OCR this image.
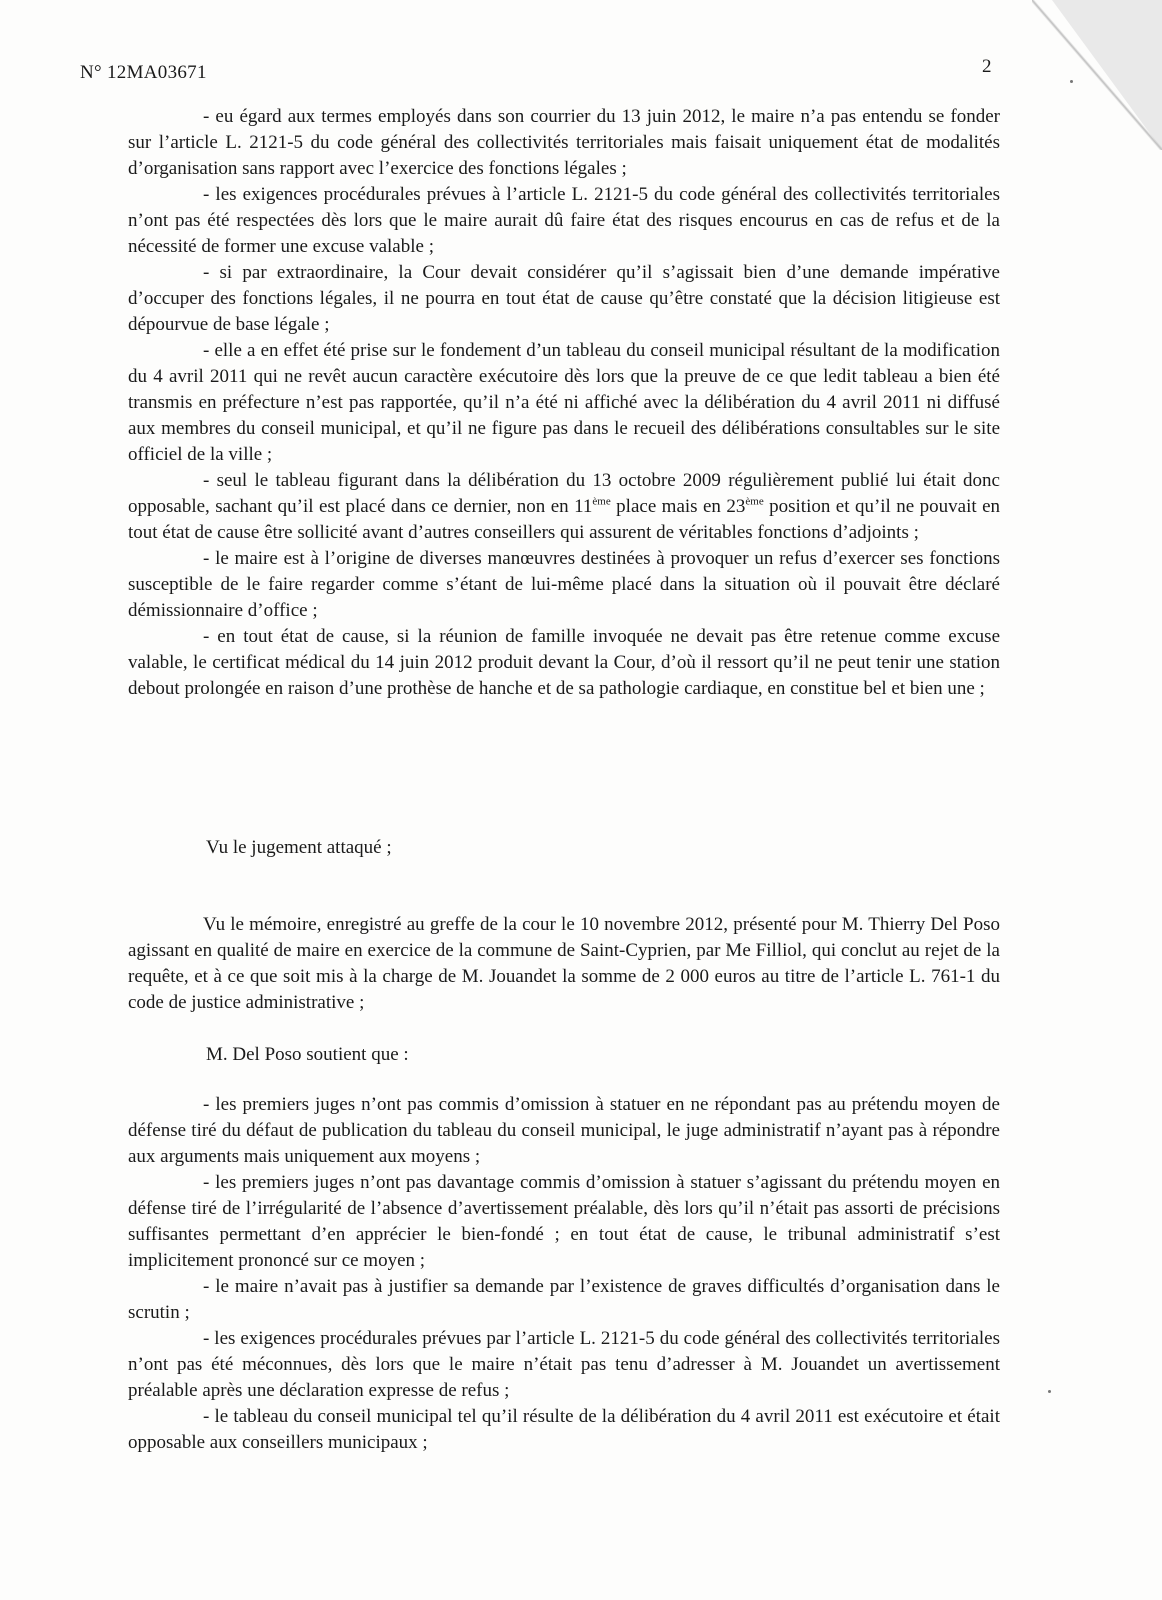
N° 12MA03671	2

- eu égard aux termes employés dans son courrier du 13 juin 2012, le maire n’a pas entendu se fonder sur l’article L. 2121-5 du code général des collectivités territoriales mais faisait uniquement état de modalités d’organisation sans rapport avec l’exercice des fonctions légales ;

- les exigences procédurales prévues à l’article L. 2121-5 du code général des collectivités territoriales n’ont pas été respectées dès lors que le maire aurait dû faire état des risques encourus en cas de refus et de la nécessité de former une excuse valable ;

- si par extraordinaire, la Cour devait considérer qu’il s’agissait bien d’une demande impérative d’occuper des fonctions légales, il ne pourra en tout état de cause qu’être constaté que la décision litigieuse est dépourvue de base légale ;

- elle a en effet été prise sur le fondement d’un tableau du conseil municipal résultant de la modification du 4 avril 2011 qui ne revêt aucun caractère exécutoire dès lors que la preuve de ce que ledit tableau a bien été transmis en préfecture n’est pas rapportée, qu’il n’a été ni affiché avec la délibération du 4 avril 2011 ni diffusé aux membres du conseil municipal, et qu’il ne figure pas dans le recueil des délibérations consultables sur le site officiel de la ville ;

- seul le tableau figurant dans la délibération du 13 octobre 2009 régulièrement publié lui était donc opposable, sachant qu’il est placé dans ce dernier, non en 11ème place mais en 23ème position et qu’il ne pouvait en tout état de cause être sollicité avant d’autres conseillers qui assurent de véritables fonctions d’adjoints ;

- le maire est à l’origine de diverses manœuvres destinées à provoquer un refus d’exercer ses fonctions susceptible de le faire regarder comme s’étant de lui-même placé dans la situation où il pouvait être déclaré démissionnaire d’office ;

- en tout état de cause, si la réunion de famille invoquée ne devait pas être retenue comme excuse valable, le certificat médical du 14 juin 2012 produit devant la Cour, d’où il ressort qu’il ne peut tenir une station debout prolongée en raison d’une prothèse de hanche et de sa pathologie cardiaque, en constitue bel et bien une ;

Vu le jugement attaqué ;

Vu le mémoire, enregistré au greffe de la cour le 10 novembre 2012, présenté pour M. Thierry Del Poso agissant en qualité de maire en exercice de la commune de Saint-Cyprien, par Me Filliol, qui conclut au rejet de la requête, et à ce que soit mis à la charge de M. Jouandet la somme de 2 000 euros au titre de l’article L. 761-1 du code de justice administrative ;

M. Del Poso soutient que :

- les premiers juges n’ont pas commis d’omission à statuer en ne répondant pas au prétendu moyen de défense tiré du défaut de publication du tableau du conseil municipal, le juge administratif n’ayant pas à répondre aux arguments mais uniquement aux moyens ;

- les premiers juges n’ont pas davantage commis d’omission à statuer s’agissant du prétendu moyen en défense tiré de l’irrégularité de l’absence d’avertissement préalable, dès lors qu’il n’était pas assorti de précisions suffisantes permettant d’en apprécier le bien-fondé ; en tout état de cause, le tribunal administratif s’est implicitement prononcé sur ce moyen ;

- le maire n’avait pas à justifier sa demande par l’existence de graves difficultés d’organisation dans le scrutin ;

- les exigences procédurales prévues par l’article L. 2121-5 du code général des collectivités territoriales n’ont pas été méconnues, dès lors que le maire n’était pas tenu d’adresser à M. Jouandet un avertissement préalable après une déclaration expresse de refus ;

- le tableau du conseil municipal tel qu’il résulte de la délibération du 4 avril 2011 est exécutoire et était opposable aux conseillers municipaux ;
